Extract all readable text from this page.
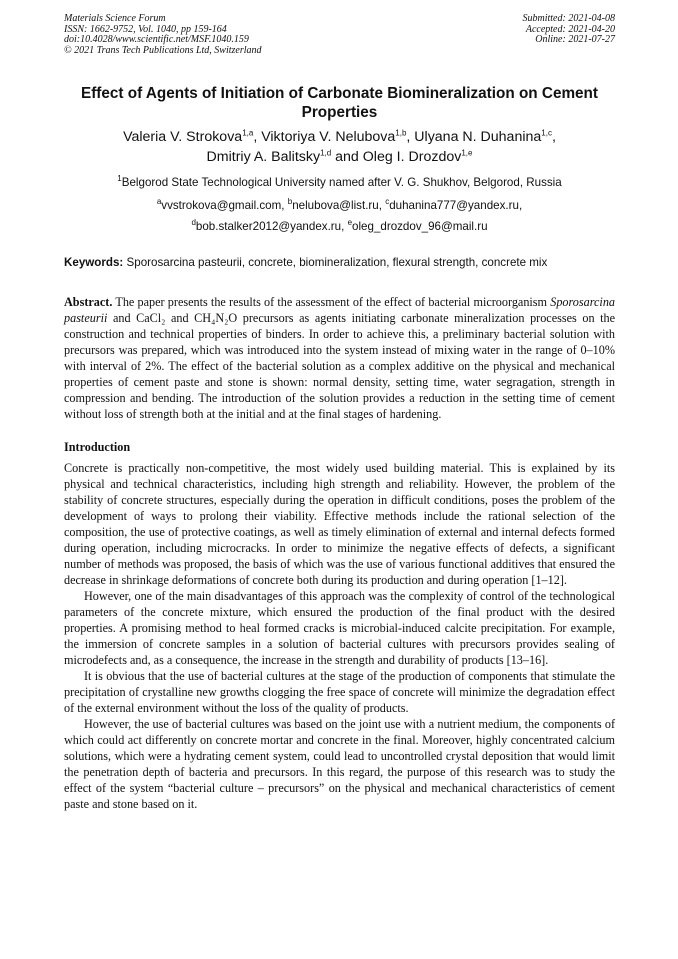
Materials Science Forum
ISSN: 1662-9752, Vol. 1040, pp 159-164
doi:10.4028/www.scientific.net/MSF.1040.159
© 2021 Trans Tech Publications Ltd, Switzerland
Submitted: 2021-04-08
Accepted: 2021-04-20
Online: 2021-07-27
Effect of Agents of Initiation of Carbonate Biomineralization on Cement Properties
Valeria V. Strokova$^{1,a}$, Viktoriya V. Nelubova$^{1,b}$, Ulyana N. Duhanina$^{1,c}$,
Dmitriy A. Balitsky$^{1,d}$ and Oleg I. Drozdov$^{1,e}$
$^1$Belgorod State Technological University named after V. G. Shukhov, Belgorod, Russia
$^a$vvstrokova@gmail.com, $^b$nelubova@list.ru, $^c$duhanina777@yandex.ru,
$^d$bob.stalker2012@yandex.ru, $^e$oleg_drozdov_96@mail.ru
Keywords: Sporosarcina pasteurii, concrete, biomineralization, flexural strength, concrete mix
Abstract. The paper presents the results of the assessment of the effect of bacterial microorganism Sporosarcina pasteurii and CaCl₂ and CH₄N₂O precursors as agents initiating carbonate mineralization processes on the construction and technical properties of binders. In order to achieve this, a preliminary bacterial solution with precursors was prepared, which was introduced into the system instead of mixing water in the range of 0–10% with interval of 2%. The effect of the bacterial solution as a complex additive on the physical and mechanical properties of cement paste and stone is shown: normal density, setting time, water segragation, strength in compression and bending. The introduction of the solution provides a reduction in the setting time of cement without loss of strength both at the initial and at the final stages of hardening.
Introduction
Concrete is practically non-competitive, the most widely used building material. This is explained by its physical and technical characteristics, including high strength and reliability. However, the problem of the stability of concrete structures, especially during the operation in difficult conditions, poses the problem of the development of ways to prolong their viability. Effective methods include the rational selection of the composition, the use of protective coatings, as well as timely elimination of external and internal defects formed during operation, including microcracks. In order to minimize the negative effects of defects, a significant number of methods was proposed, the basis of which was the use of various functional additives that ensured the decrease in shrinkage deformations of concrete both during its production and during operation [1–12].
However, one of the main disadvantages of this approach was the complexity of control of the technological parameters of the concrete mixture, which ensured the production of the final product with the desired properties. A promising method to heal formed cracks is microbial-induced calcite precipitation. For example, the immersion of concrete samples in a solution of bacterial cultures with precursors provides sealing of microdefects and, as a consequence, the increase in the strength and durability of products [13–16].
It is obvious that the use of bacterial cultures at the stage of the production of components that stimulate the precipitation of crystalline new growths clogging the free space of concrete will minimize the degradation effect of the external environment without the loss of the quality of products.
However, the use of bacterial cultures was based on the joint use with a nutrient medium, the components of which could act differently on concrete mortar and concrete in the final. Moreover, highly concentrated calcium solutions, which were a hydrating cement system, could lead to uncontrolled crystal deposition that would limit the penetration depth of bacteria and precursors. In this regard, the purpose of this research was to study the effect of the system “bacterial culture – precursors” on the physical and mechanical characteristics of cement paste and stone based on it.
